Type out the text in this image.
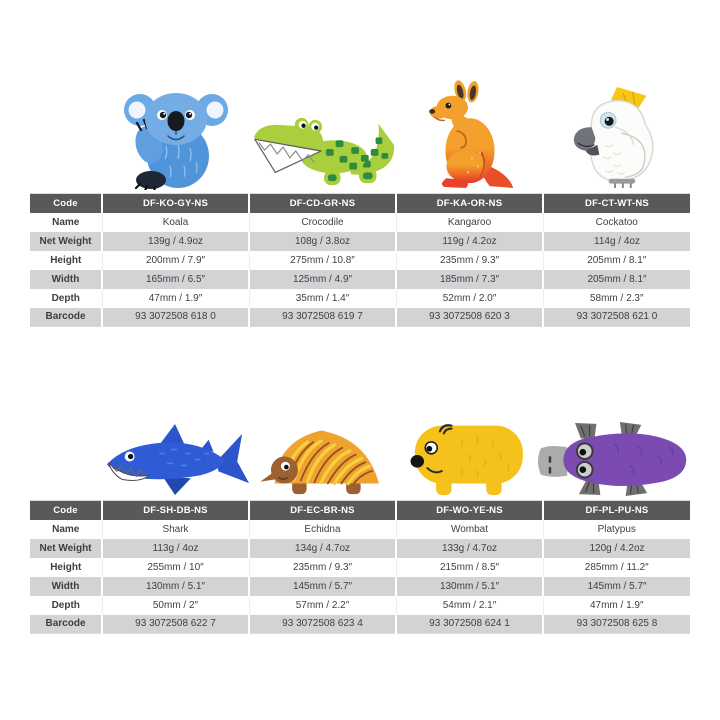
Code	DF-KO-GY-NS	DF-CD-GR-NS	DF-KA-OR-NS	DF-CT-WT-NS
Name	Koala	Crocodile	Kangaroo	Cockatoo
Net Weight	139g / 4.9oz	108g / 3.8oz	119g / 4.2oz	114g / 4oz
Height	200mm / 7.9″	275mm / 10.8″	235mm / 9.3″	205mm / 8.1″
Width	165mm / 6.5″	125mm / 4.9″	185mm / 7.3″	205mm / 8.1″
Depth	47mm / 1.9″	35mm / 1.4″	52mm / 2.0″	58mm / 2.3″
Barcode	93 3072508 618 0	93 3072508 619 7	93 3072508 620 3	93 3072508 621 0
Code	DF-SH-DB-NS	DF-EC-BR-NS	DF-WO-YE-NS	DF-PL-PU-NS
Name	Shark	Echidna	Wombat	Platypus
Net Weight	113g / 4oz	134g / 4.7oz	133g / 4.7oz	120g / 4.2oz
Height	255mm / 10″	235mm / 9.3″	215mm / 8.5″	285mm / 11.2″
Width	130mm / 5.1″	145mm / 5.7″	130mm / 5.1″	145mm / 5.7″
Depth	50mm / 2″	57mm / 2.2″	54mm / 2.1″	47mm / 1.9″
Barcode	93 3072508 622 7	93 3072508 623 4	93 3072508 624 1	93 3072508 625 8
